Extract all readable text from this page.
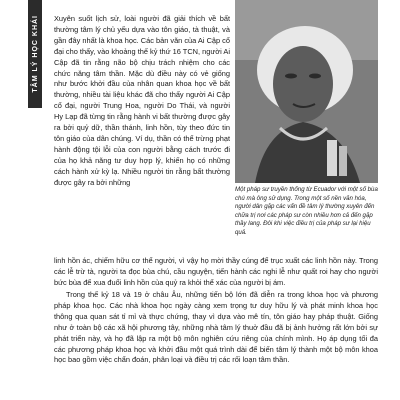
TÂM LÝ HỌC KHÁI Xuyên suốt lịch sử, loài người đã giải thích về bất thường tâm lý chủ yếu dựa vào tôn giáo, tà thuật, và gần đây nhất là khoa học. Các bản văn của Ai Cập cổ đại cho thấy, vào khoảng thế kỷ thứ 16 TCN, người Ai Cập đã tin rằng não bộ chịu trách nhiệm cho các chức năng tâm thần. Mặc dù điều này có vẻ giống như bước khởi đầu của nhân quan khoa học về bất thường, nhiều tài liệu khác đã cho thấy người Ai Cập cổ đại, người Trung Hoa, người Do Thái, và người Hy Lạp đã từng tin rằng hành vi bất thường được gây ra bởi quỷ dữ, thần thánh, linh hồn, tùy theo đức tin tôn giáo của dân chúng. Ví dụ, thần có thể trừng phạt hành động tội lỗi của con người bằng cách trước đi của họ khả năng tư duy hợp lý, khiến họ có những cách hành xử kỳ lạ. Nhiều người tin rằng bất thường được gây ra bởi những

Một pháp sư truyền thống từ Ecuador với một số bùa chú mà ông sử dụng. Trong một số nền văn hóa, người dân gặp các vấn đề tâm lý thường xuyên đến chữa trị nơi các pháp sư còn nhiều hơn cả đến gặp thầy lang. Đôi khi việc điều trị của pháp sư lại hiệu quả.

linh hồn ác, chiếm hữu cơ thể người, vì vậy họ mời thầy cúng để trục xuất các linh hồn này. Trong các lễ trừ tà, người ta đọc bùa chú, cầu nguyện, tiến hành các nghi lễ như quất roi hay cho người bức bùa để xua đuổi linh hồn của quỷ ra khỏi thể xác của người bị ám.

Trong thế kỷ 18 và 19 ở châu Âu, những tiến bộ lớn đã diễn ra trong khoa học và phương pháp khoa học. Các nhà khoa học ngày càng xem trọng tư duy hữu lý và phát minh khoa học thông qua quan sát tỉ mỉ và thực chứng, thay vì dựa vào mê tín, tôn giáo hay pháp thuật. Giống như ở toàn bộ các xã hội phương tây, những nhà tâm lý thuở đầu đã bị ảnh hưởng rất lớn bởi sự phát triển này, và họ đã lập ra một bộ môn nghiên cứu riêng của chính mình. Họ áp dụng tối đa các phương pháp khoa học và khởi đầu một quá trình dài để biến tâm lý thành một bộ môn khoa học bao gồm việc chẩn đoán, phân loại và điều trị các rối loạn tâm thần.
